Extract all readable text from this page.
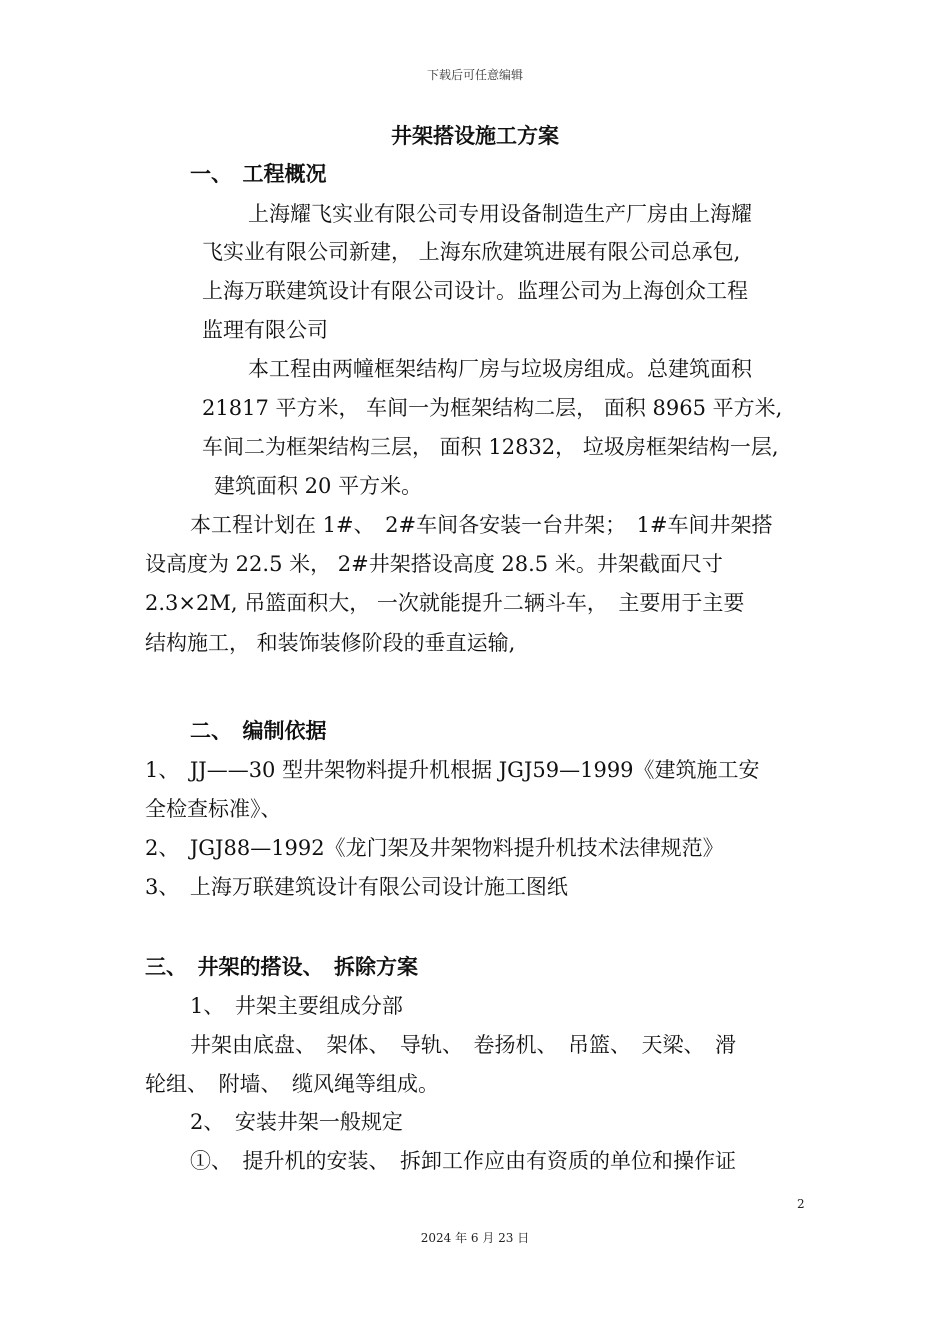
下载后可任意编辑
井架搭设施工方案
一、　工程概况
上海耀飞实业有限公司专用设备制造生产厂房由上海耀
飞实业有限公司新建， 上海东欣建筑进展有限公司总承包,
上海万联建筑设计有限公司设计。监理公司为上海创众工程
监理有限公司
本工程由两幢框架结构厂房与垃圾房组成。总建筑面积
21817 平方米， 车间一为框架结构二层， 面积 8965 平方米,
车间二为框架结构三层， 面积 12832， 垃圾房框架结构一层,
建筑面积 20 平方米。
本工程计划在 1#、　2#车间各安装一台井架；　1#车间井架搭
设高度为 22.5 米， 2#井架搭设高度 28.5 米。井架截面尺寸
2.3×2M, 吊篮面积大， 一次就能提升二辆斗车，　主要用于主要
结构施工， 和装饰装修阶段的垂直运输,
二、　编制依据
1、　JJ——30 型井架物料提升机根据 JGJ59—1999《建筑施工安
全检查标准》、
2、　JGJ88—1992《龙门架及井架物料提升机技术法律规范》
3、　上海万联建筑设计有限公司设计施工图纸
三、　井架的搭设、　拆除方案
1、　井架主要组成分部
井架由底盘、　架体、　导轨、　卷扬机、　吊篮、　天梁、　滑
轮组、　附墙、　缆风绳等组成。
2、　安装井架一般规定
①、　提升机的安装、　拆卸工作应由有资质的单位和操作证
2
2024 年 6 月 23 日
